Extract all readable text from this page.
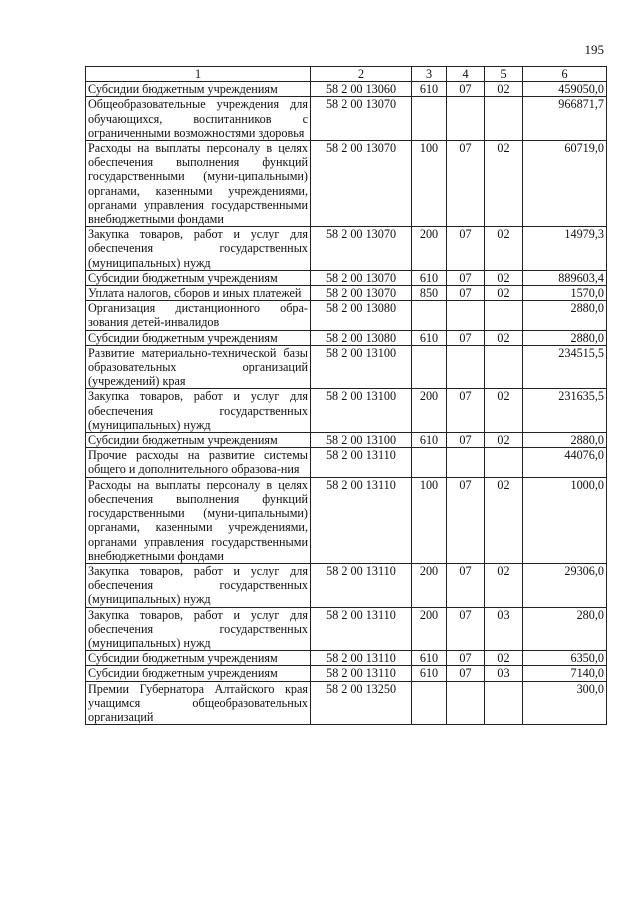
195
1	2	3	4	5	6
Субсидии бюджетным учреждениям	58 2 00 13060	610	07	02	459050,0
Общеобразовательные учреждения для обучающихся, воспитанников с ограниченными возможностями здоровья	58 2 00 13070				966871,7
Расходы на выплаты персоналу в целях обеспечения выполнения функций государственными (муни-ципальными) органами, казенными учреждениями, органами управления государственными внебюджетными фондами	58 2 00 13070	100	07	02	60719,0
Закупка товаров, работ и услуг для обеспечения государственных (муниципальных) нужд	58 2 00 13070	200	07	02	14979,3
Субсидии бюджетным учреждениям	58 2 00 13070	610	07	02	889603,4
Уплата налогов, сборов и иных платежей	58 2 00 13070	850	07	02	1570,0
Организация дистанционного обра-зования детей-инвалидов	58 2 00 13080				2880,0
Субсидии бюджетным учреждениям	58 2 00 13080	610	07	02	2880,0
Развитие материально-технической базы образовательных организаций (учреждений) края	58 2 00 13100				234515,5
Закупка товаров, работ и услуг для обеспечения государственных (муниципальных) нужд	58 2 00 13100	200	07	02	231635,5
Субсидии бюджетным учреждениям	58 2 00 13100	610	07	02	2880,0
Прочие расходы на развитие системы общего и дополнительного образова-ния	58 2 00 13110				44076,0
Расходы на выплаты персоналу в целях обеспечения выполнения функций государственными (муни-ципальными) органами, казенными учреждениями, органами управления государственными внебюджетными фондами	58 2 00 13110	100	07	02	1000,0
Закупка товаров, работ и услуг для обеспечения государственных (муниципальных) нужд	58 2 00 13110	200	07	02	29306,0
Закупка товаров, работ и услуг для обеспечения государственных (муниципальных) нужд	58 2 00 13110	200	07	03	280,0
Субсидии бюджетным учреждениям	58 2 00 13110	610	07	02	6350,0
Субсидии бюджетным учреждениям	58 2 00 13110	610	07	03	7140,0
Премии Губернатора Алтайского края учащимся общеобразовательных организаций	58 2 00 13250				300,0
